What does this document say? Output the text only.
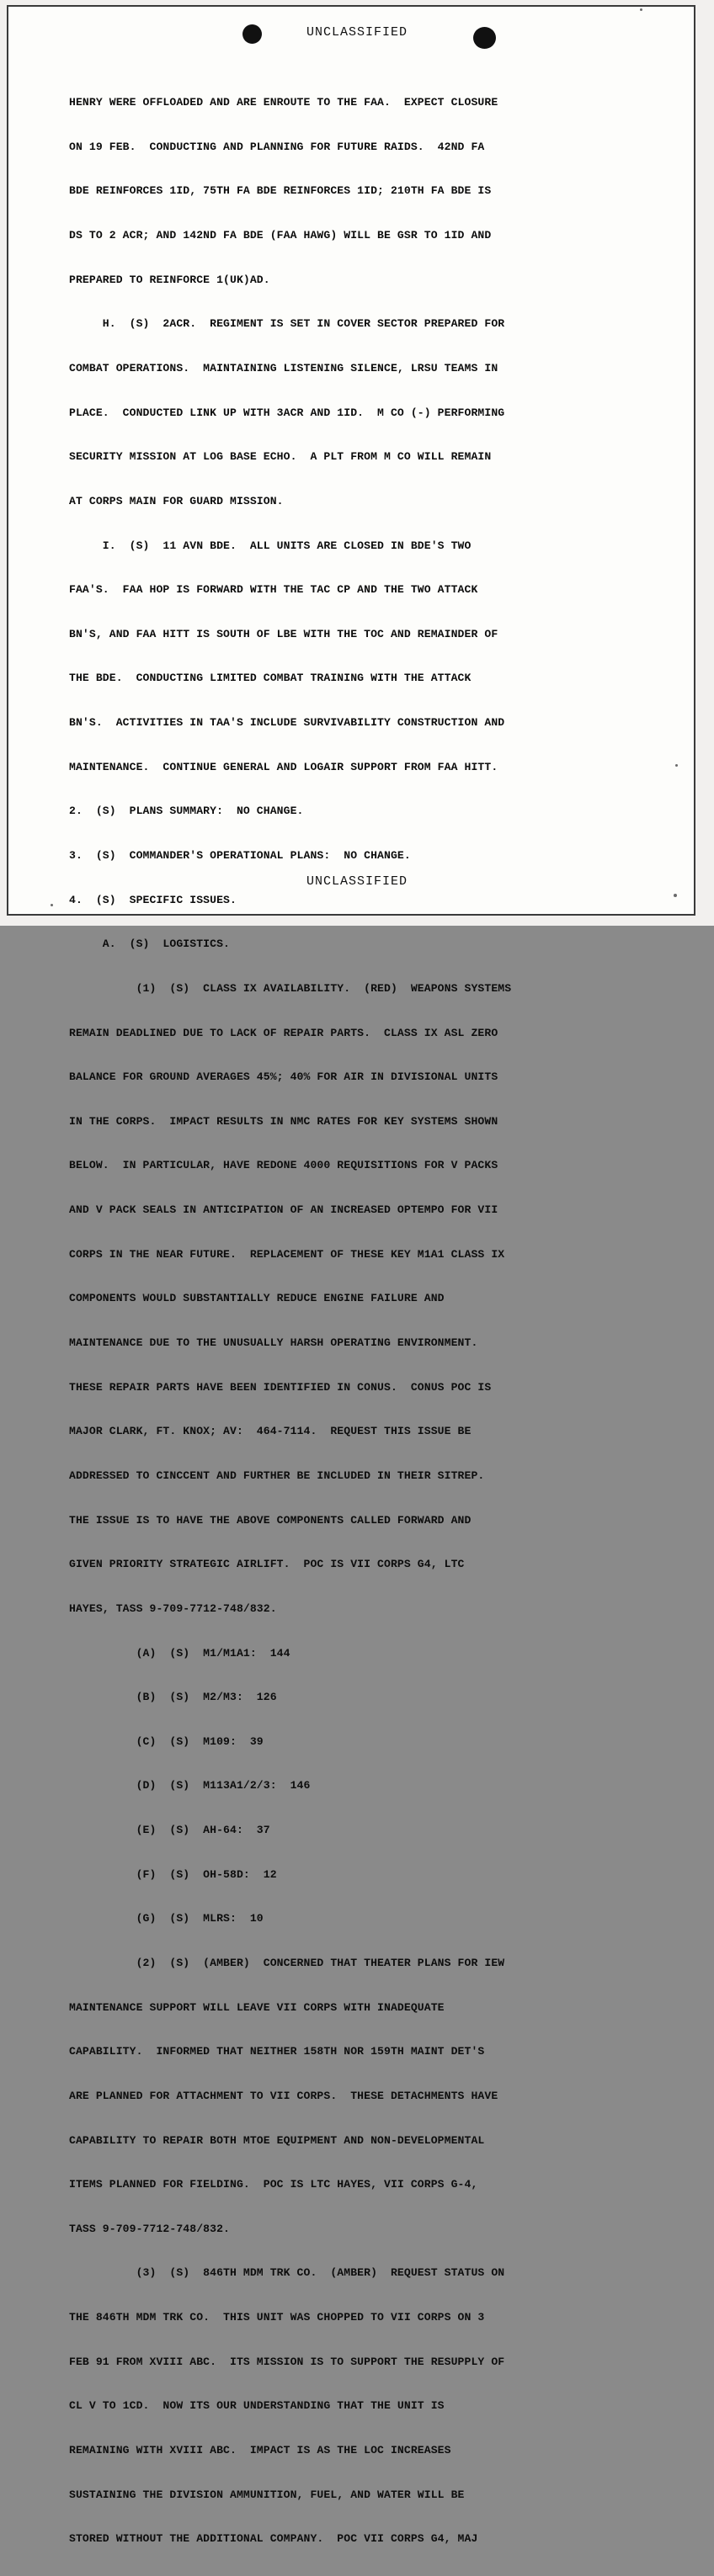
UNCLASSIFIED

HENRY WERE OFFLOADED AND ARE ENROUTE TO THE FAA.  EXPECT CLOSURE

ON 19 FEB.  CONDUCTING AND PLANNING FOR FUTURE RAIDS.  42ND FA

BDE REINFORCES 1ID, 75TH FA BDE REINFORCES 1ID; 210TH FA BDE IS

DS TO 2 ACR; AND 142ND FA BDE (FAA HAWG) WILL BE GSR TO 1ID AND

PREPARED TO REINFORCE 1(UK)AD.

H.  (S)  2ACR.  REGIMENT IS SET IN COVER SECTOR PREPARED FOR

COMBAT OPERATIONS.  MAINTAINING LISTENING SILENCE, LRSU TEAMS IN

PLACE.  CONDUCTED LINK UP WITH 3ACR AND 1ID.  M CO (-) PERFORMING

SECURITY MISSION AT LOG BASE ECHO.  A PLT FROM M CO WILL REMAIN

AT CORPS MAIN FOR GUARD MISSION.

I.  (S)  11 AVN BDE.  ALL UNITS ARE CLOSED IN BDE'S TWO

FAA'S.  FAA HOP IS FORWARD WITH THE TAC CP AND THE TWO ATTACK

BN'S, AND FAA HITT IS SOUTH OF LBE WITH THE TOC AND REMAINDER OF

THE BDE.  CONDUCTING LIMITED COMBAT TRAINING WITH THE ATTACK

BN'S.  ACTIVITIES IN TAA'S INCLUDE SURVIVABILITY CONSTRUCTION AND

MAINTENANCE.  CONTINUE GENERAL AND LOGAIR SUPPORT FROM FAA HITT.

2.  (S)  PLANS SUMMARY:  NO CHANGE.

3.  (S)  COMMANDER'S OPERATIONAL PLANS:  NO CHANGE.

4.  (S)  SPECIFIC ISSUES.

A.  (S)  LOGISTICS.

(1)  (S)  CLASS IX AVAILABILITY.  (RED)  WEAPONS SYSTEMS

REMAIN DEADLINED DUE TO LACK OF REPAIR PARTS.  CLASS IX ASL ZERO

BALANCE FOR GROUND AVERAGES 45%; 40% FOR AIR IN DIVISIONAL UNITS

IN THE CORPS.  IMPACT RESULTS IN NMC RATES FOR KEY SYSTEMS SHOWN

BELOW.  IN PARTICULAR, HAVE REDONE 4000 REQUISITIONS FOR V PACKS

AND V PACK SEALS IN ANTICIPATION OF AN INCREASED OPTEMPO FOR VII

CORPS IN THE NEAR FUTURE.  REPLACEMENT OF THESE KEY M1A1 CLASS IX

COMPONENTS WOULD SUBSTANTIALLY REDUCE ENGINE FAILURE AND

MAINTENANCE DUE TO THE UNUSUALLY HARSH OPERATING ENVIRONMENT.

THESE REPAIR PARTS HAVE BEEN IDENTIFIED IN CONUS.  CONUS POC IS

MAJOR CLARK, FT. KNOX; AV:  464-7114.  REQUEST THIS ISSUE BE

ADDRESSED TO CINCCENT AND FURTHER BE INCLUDED IN THEIR SITREP.

THE ISSUE IS TO HAVE THE ABOVE COMPONENTS CALLED FORWARD AND

GIVEN PRIORITY STRATEGIC AIRLIFT.  POC IS VII CORPS G4, LTC

HAYES, TASS 9-709-7712-748/832.

(A)  (S)  M1/M1A1:  144

(B)  (S)  M2/M3:  126

(C)  (S)  M109:  39

(D)  (S)  M113A1/2/3:  146

(E)  (S)  AH-64:  37

(F)  (S)  OH-58D:  12

(G)  (S)  MLRS:  10

(2)  (S)  (AMBER)  CONCERNED THAT THEATER PLANS FOR IEW

MAINTENANCE SUPPORT WILL LEAVE VII CORPS WITH INADEQUATE

CAPABILITY.  INFORMED THAT NEITHER 158TH NOR 159TH MAINT DET'S

ARE PLANNED FOR ATTACHMENT TO VII CORPS.  THESE DETACHMENTS HAVE

CAPABILITY TO REPAIR BOTH MTOE EQUIPMENT AND NON-DEVELOPMENTAL

ITEMS PLANNED FOR FIELDING.  POC IS LTC HAYES, VII CORPS G-4,

TASS 9-709-7712-748/832.

(3)  (S)  846TH MDM TRK CO.  (AMBER)  REQUEST STATUS ON

THE 846TH MDM TRK CO.  THIS UNIT WAS CHOPPED TO VII CORPS ON 3

FEB 91 FROM XVIII ABC.  ITS MISSION IS TO SUPPORT THE RESUPPLY OF

CL V TO 1CD.  NOW ITS OUR UNDERSTANDING THAT THE UNIT IS

REMAINING WITH XVIII ABC.  IMPACT IS AS THE LOC INCREASES

SUSTAINING THE DIVISION AMMUNITION, FUEL, AND WATER WILL BE

STORED WITHOUT THE ADDITIONAL COMPANY.  POC VII CORPS G4, MAJ

UNCLASSIFIED
